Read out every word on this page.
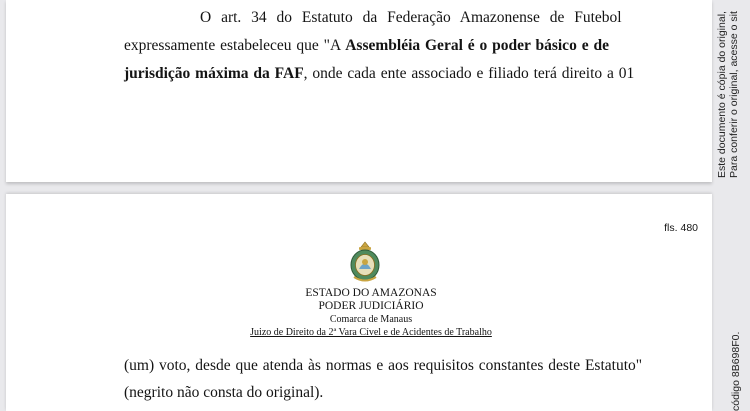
O art. 34 do Estatuto da Federação Amazonense de Futebol
expressamente estabeleceu que "A Assembléia Geral é o poder básico e de
jurisdição máxima da FAF, onde cada ente associado e filiado terá direito a 01
fls. 480
ESTADO DO AMAZONAS
PODER JUDICIÁRIO
Comarca de Manaus
Juizo de Direito da 2ª Vara Cível e de Acidentes de Trabalho
(um) voto, desde que atenda às normas e aos requisitos constantes deste Estatuto"
(negrito não consta do original).
Este documento é cópia do original, Para conferir o original, acesse o sit
código 8B698F0.
